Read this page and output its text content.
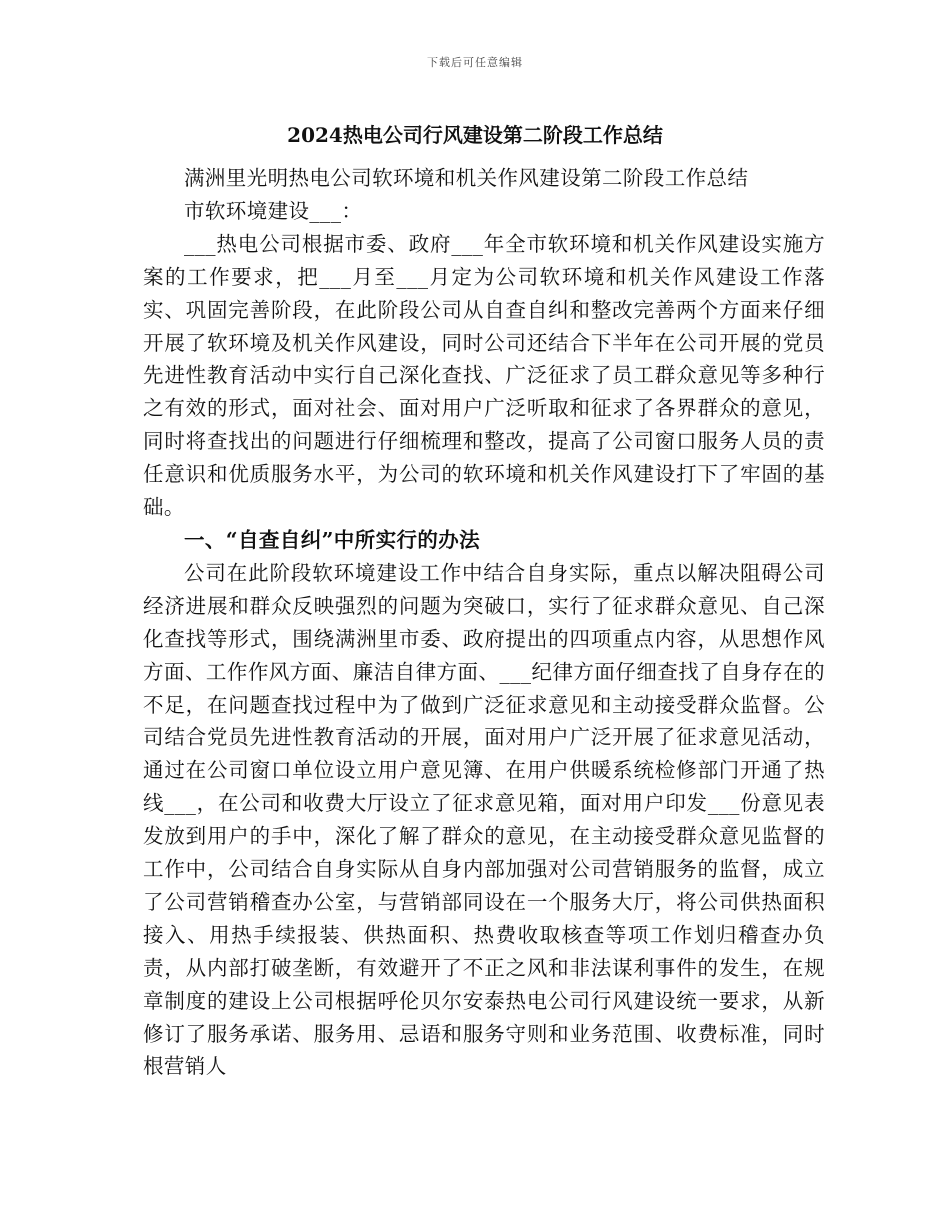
下载后可任意编辑
2024热电公司行风建设第二阶段工作总结

满洲里光明热电公司软环境和机关作风建设第二阶段工作总结

市软环境建设___：

___热电公司根据市委、政府___年全市软环境和机关作风建设实施方案的工作要求，把___月至___月定为公司软环境和机关作风建设工作落实、巩固完善阶段，在此阶段公司从自查自纠和整改完善两个方面来仔细开展了软环境及机关作风建设，同时公司还结合下半年在公司开展的党员先进性教育活动中实行自己深化查找、广泛征求了员工群众意见等多种行之有效的形式，面对社会、面对用户广泛听取和征求了各界群众的意见，同时将查找出的问题进行仔细梳理和整改，提高了公司窗口服务人员的责任意识和优质服务水平，为公司的软环境和机关作风建设打下了牢固的基础。

一、“自查自纠”中所实行的办法

公司在此阶段软环境建设工作中结合自身实际，重点以解决阻碍公司经济进展和群众反映强烈的问题为突破口，实行了征求群众意见、自己深化查找等形式，围绕满洲里市委、政府提出的四项重点内容，从思想作风方面、工作作风方面、廉洁自律方面、___纪律方面仔细查找了自身存在的不足，在问题查找过程中为了做到广泛征求意见和主动接受群众监督。公司结合党员先进性教育活动的开展，面对用户广泛开展了征求意见活动，通过在公司窗口单位设立用户意见簿、在用户供暖系统检修部门开通了热线___，在公司和收费大厅设立了征求意见箱，面对用户印发___份意见表发放到用户的手中，深化了解了群众的意见，在主动接受群众意见监督的工作中，公司结合自身实际从自身内部加强对公司营销服务的监督，成立了公司营销稽查办公室，与营销部同设在一个服务大厅，将公司供热面积接入、用热手续报装、供热面积、热费收取核查等项工作划归稽查办负责，从内部打破垄断，有效避开了不正之风和非法谋利事件的发生，在规章制度的建设上公司根据呼伦贝尔安泰热电公司行风建设统一要求，从新修订了服务承诺、服务用、忌语和服务守则和业务范围、收费标准，同时根营销人
